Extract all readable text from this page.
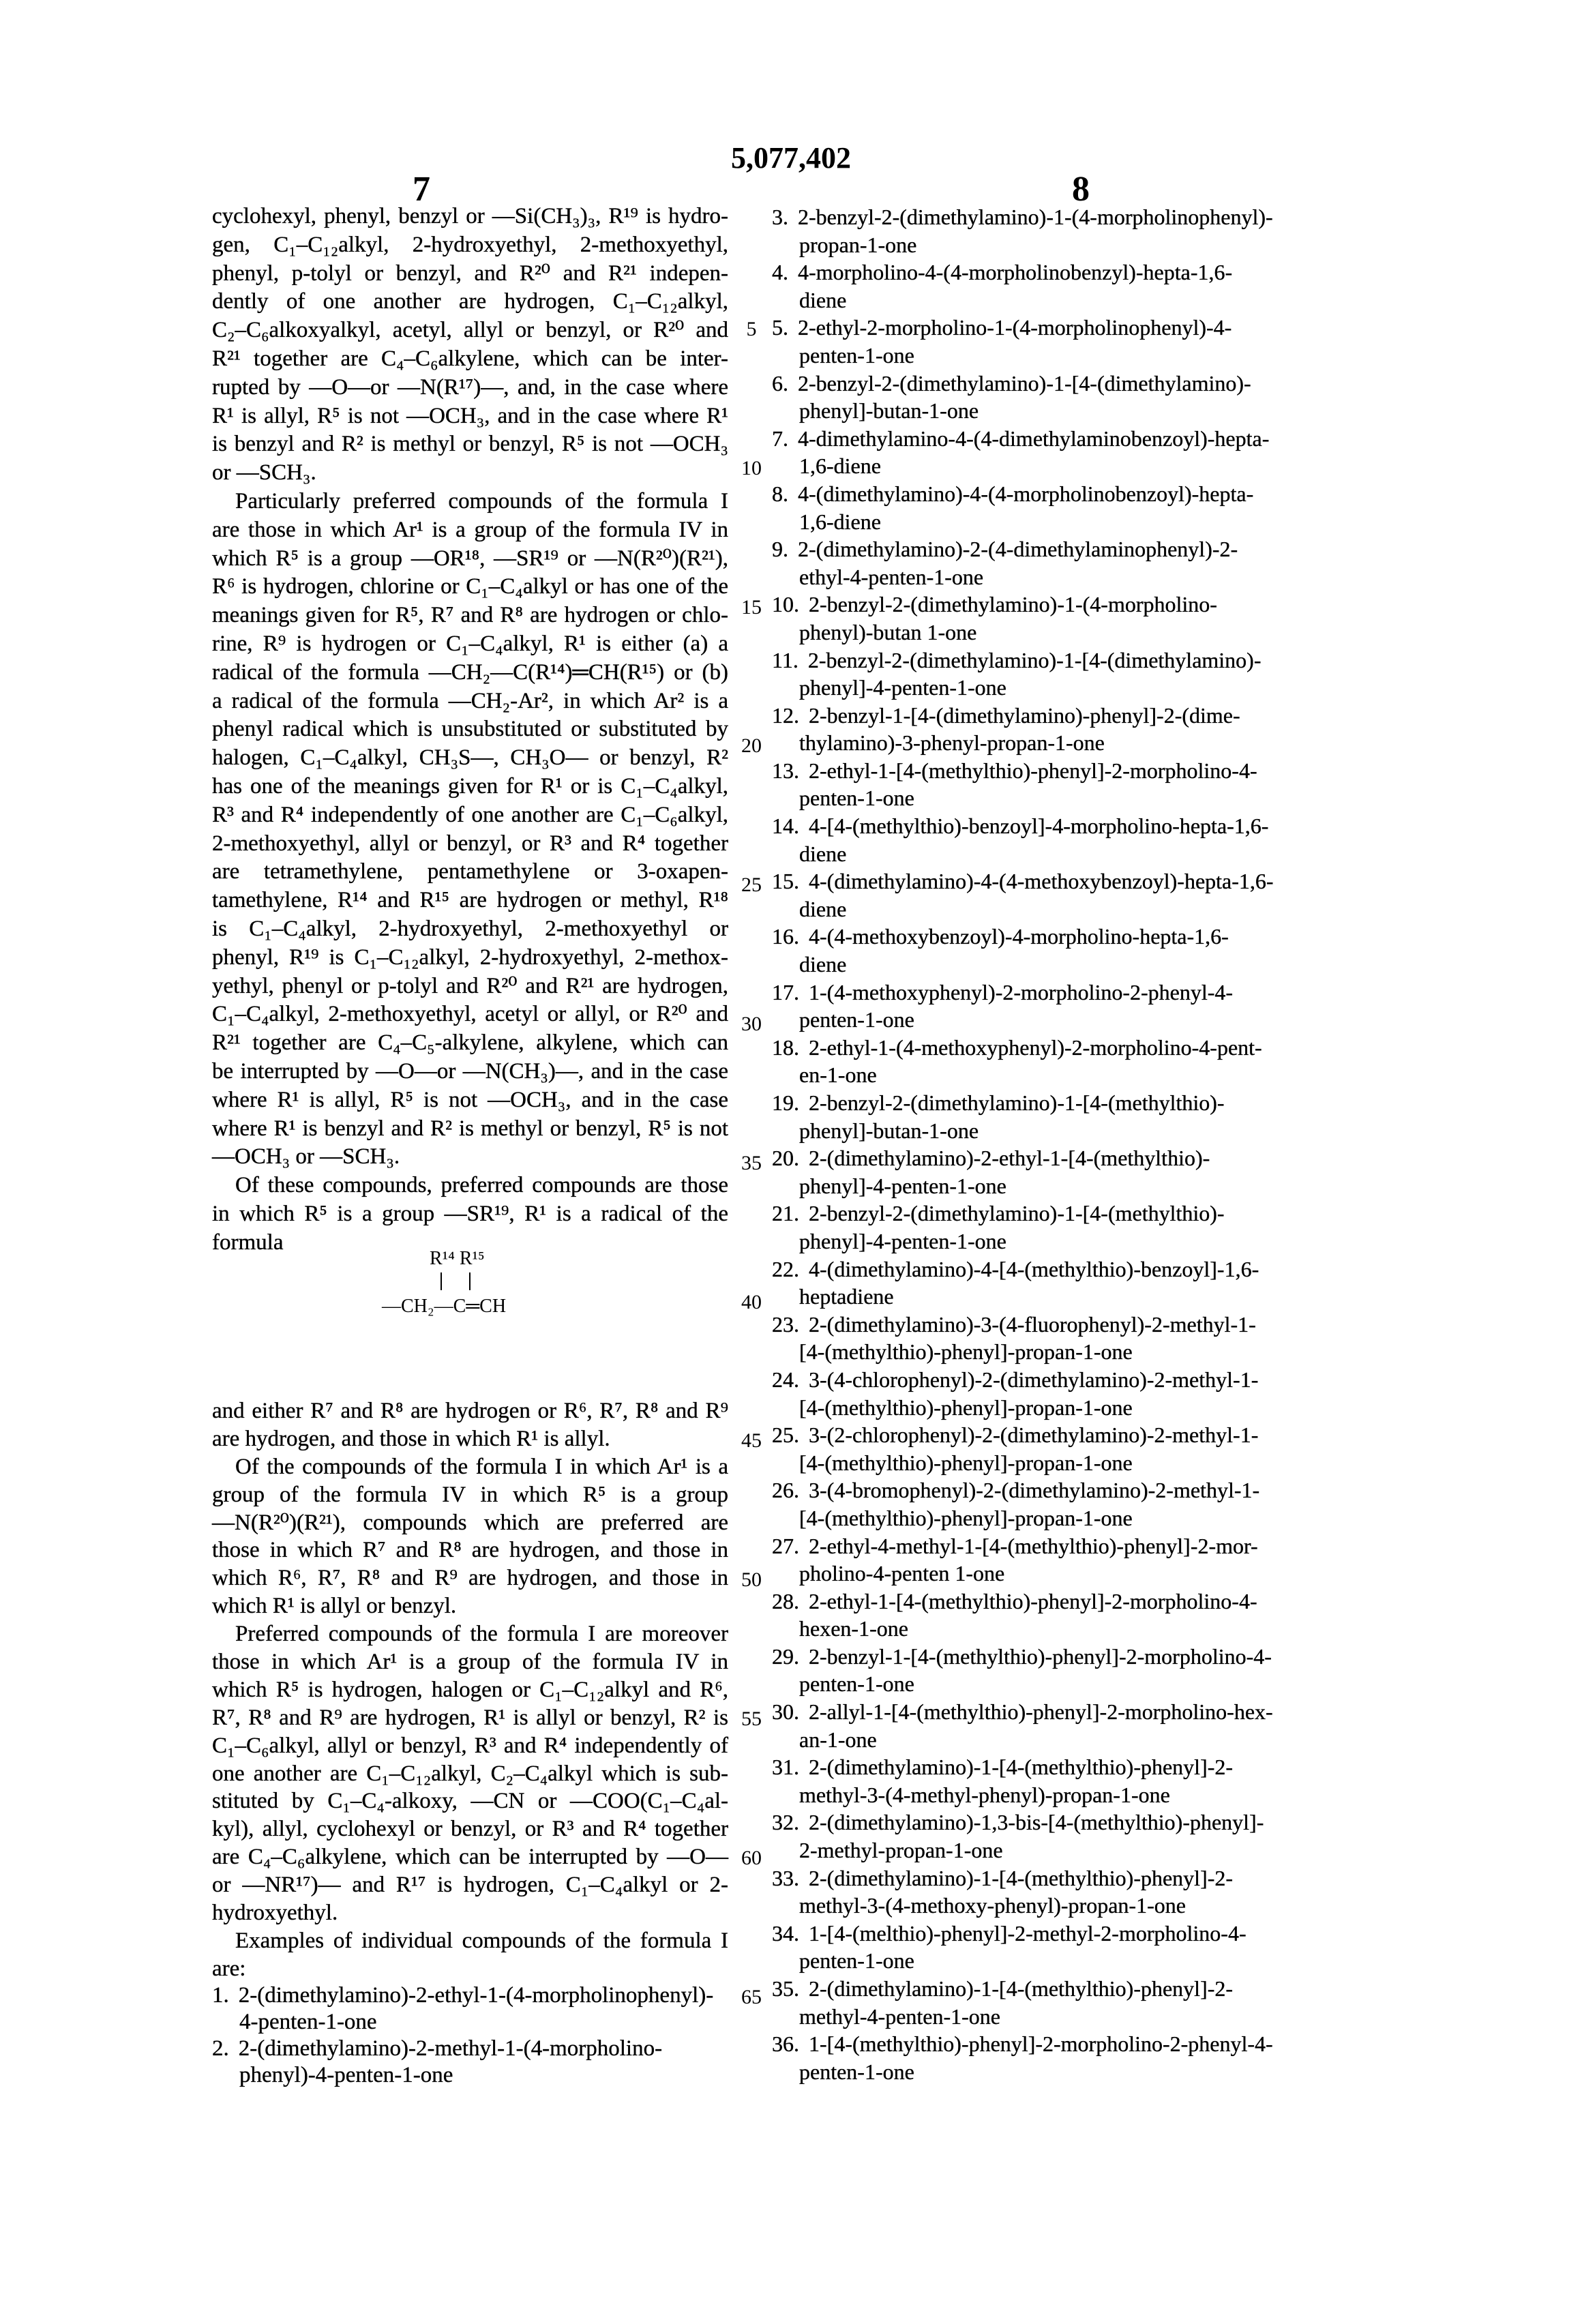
5,077,402
7	8
cyclohexyl, phenyl, benzyl or —Si(CH₃)₃, R¹⁹ is hydro-
gen, C₁–C₁₂alkyl, 2-hydroxyethyl, 2-methoxyethyl,
phenyl, p-tolyl or benzyl, and R²⁰ and R²¹ indepen-
dently of one another are hydrogen, C₁–C₁₂alkyl,
C₂–C₆alkoxyalkyl, acetyl, allyl or benzyl, or R²⁰ and
R²¹ together are C₄–C₆alkylene, which can be inter-
rupted by —O—or —N(R¹⁷)—, and, in the case where
R¹ is allyl, R⁵ is not —OCH₃, and in the case where R¹
is benzyl and R² is methyl or benzyl, R⁵ is not —OCH₃
or —SCH₃.
Particularly preferred compounds of the formula I
are those in which Ar¹ is a group of the formula IV in
which R⁵ is a group —OR¹⁸, —SR¹⁹ or —N(R²⁰)(R²¹),
R⁶ is hydrogen, chlorine or C₁–C₄alkyl or has one of the
meanings given for R⁵, R⁷ and R⁸ are hydrogen or chlo-
rine, R⁹ is hydrogen or C₁–C₄alkyl, R¹ is either (a) a
radical of the formula —CH₂—C(R¹⁴)═CH(R¹⁵) or (b)
a radical of the formula —CH₂-Ar², in which Ar² is a
phenyl radical which is unsubstituted or substituted by
halogen, C₁–C₄alkyl, CH₃S—, CH₃O— or benzyl, R²
has one of the meanings given for R¹ or is C₁–C₄alkyl,
R³ and R⁴ independently of one another are C₁–C₆alkyl,
2-methoxyethyl, allyl or benzyl, or R³ and R⁴ together
are tetramethylene, pentamethylene or 3-oxapen-
tamethylene, R¹⁴ and R¹⁵ are hydrogen or methyl, R¹⁸
is C₁–C₄alkyl, 2-hydroxyethyl, 2-methoxyethyl or
phenyl, R¹⁹ is C₁–C₁₂alkyl, 2-hydroxyethyl, 2-methox-
yethyl, phenyl or p-tolyl and R²⁰ and R²¹ are hydrogen,
C₁–C₄alkyl, 2-methoxyethyl, acetyl or allyl, or R²⁰ and
R²¹ together are C₄–C₅-alkylene, alkylene, which can
be interrupted by —O—or —N(CH₃)—, and in the case
where R¹ is allyl, R⁵ is not —OCH₃, and in the case
where R¹ is benzyl and R² is methyl or benzyl, R⁵ is not
—OCH₃ or —SCH₃.
Of these compounds, preferred compounds are those
in which R⁵ is a group —SR¹⁹, R¹ is a radical of the
formula
R¹⁴ R¹⁵
—CH₂—C═CH
and either R⁷ and R⁸ are hydrogen or R⁶, R⁷, R⁸ and R⁹
are hydrogen, and those in which R¹ is allyl.
Of the compounds of the formula I in which Ar¹ is a
group of the formula IV in which R⁵ is a group
—N(R²⁰)(R²¹), compounds which are preferred are
those in which R⁷ and R⁸ are hydrogen, and those in
which R⁶, R⁷, R⁸ and R⁹ are hydrogen, and those in
which R¹ is allyl or benzyl.
Preferred compounds of the formula I are moreover
those in which Ar¹ is a group of the formula IV in
which R⁵ is hydrogen, halogen or C₁–C₁₂alkyl and R⁶,
R⁷, R⁸ and R⁹ are hydrogen, R¹ is allyl or benzyl, R² is
C₁–C₆alkyl, allyl or benzyl, R³ and R⁴ independently of
one another are C₁–C₁₂alkyl, C₂–C₄alkyl which is sub-
stituted by C₁–C₄-alkoxy, —CN or —COO(C₁–C₄al-
kyl), allyl, cyclohexyl or benzyl, or R³ and R⁴ together
are C₄–C₆alkylene, which can be interrupted by —O—
or —NR¹⁷)— and R¹⁷ is hydrogen, C₁–C₄alkyl or 2-
hydroxyethyl.
Examples of individual compounds of the formula I
are:
1. 2-(dimethylamino)-2-ethyl-1-(4-morpholinophenyl)-
4-penten-1-one
2. 2-(dimethylamino)-2-methyl-1-(4-morpholino-
phenyl)-4-penten-1-one
3. 2-benzyl-2-(dimethylamino)-1-(4-morpholinophenyl)-
propan-1-one
4. 4-morpholino-4-(4-morpholinobenzyl)-hepta-1,6-
diene
5. 2-ethyl-2-morpholino-1-(4-morpholinophenyl)-4-
penten-1-one
6. 2-benzyl-2-(dimethylamino)-1-[4-(dimethylamino)-
phenyl]-butan-1-one
7. 4-dimethylamino-4-(4-dimethylaminobenzoyl)-hepta-
1,6-diene
8. 4-(dimethylamino)-4-(4-morpholinobenzoyl)-hepta-
1,6-diene
9. 2-(dimethylamino)-2-(4-dimethylaminophenyl)-2-
ethyl-4-penten-1-one
10. 2-benzyl-2-(dimethylamino)-1-(4-morpholino-
phenyl)-butan 1-one
11. 2-benzyl-2-(dimethylamino)-1-[4-(dimethylamino)-
phenyl]-4-penten-1-one
12. 2-benzyl-1-[4-(dimethylamino)-phenyl]-2-(dime-
thylamino)-3-phenyl-propan-1-one
13. 2-ethyl-1-[4-(methylthio)-phenyl]-2-morpholino-4-
penten-1-one
14. 4-[4-(methylthio)-benzoyl]-4-morpholino-hepta-1,6-
diene
15. 4-(dimethylamino)-4-(4-methoxybenzoyl)-hepta-1,6-
diene
16. 4-(4-methoxybenzoyl)-4-morpholino-hepta-1,6-
diene
17. 1-(4-methoxyphenyl)-2-morpholino-2-phenyl-4-
penten-1-one
18. 2-ethyl-1-(4-methoxyphenyl)-2-morpholino-4-pent-
en-1-one
19. 2-benzyl-2-(dimethylamino)-1-[4-(methylthio)-
phenyl]-butan-1-one
20. 2-(dimethylamino)-2-ethyl-1-[4-(methylthio)-
phenyl]-4-penten-1-one
21. 2-benzyl-2-(dimethylamino)-1-[4-(methylthio)-
phenyl]-4-penten-1-one
22. 4-(dimethylamino)-4-[4-(methylthio)-benzoyl]-1,6-
heptadiene
23. 2-(dimethylamino)-3-(4-fluorophenyl)-2-methyl-1-
[4-(methylthio)-phenyl]-propan-1-one
24. 3-(4-chlorophenyl)-2-(dimethylamino)-2-methyl-1-
[4-(methylthio)-phenyl]-propan-1-one
25. 3-(2-chlorophenyl)-2-(dimethylamino)-2-methyl-1-
[4-(methylthio)-phenyl]-propan-1-one
26. 3-(4-bromophenyl)-2-(dimethylamino)-2-methyl-1-
[4-(methylthio)-phenyl]-propan-1-one
27. 2-ethyl-4-methyl-1-[4-(methylthio)-phenyl]-2-mor-
pholino-4-penten 1-one
28. 2-ethyl-1-[4-(methylthio)-phenyl]-2-morpholino-4-
hexen-1-one
29. 2-benzyl-1-[4-(methylthio)-phenyl]-2-morpholino-4-
penten-1-one
30. 2-allyl-1-[4-(methylthio)-phenyl]-2-morpholino-hex-
an-1-one
31. 2-(dimethylamino)-1-[4-(methylthio)-phenyl]-2-
methyl-3-(4-methyl-phenyl)-propan-1-one
32. 2-(dimethylamino)-1,3-bis-[4-(methylthio)-phenyl]-
2-methyl-propan-1-one
33. 2-(dimethylamino)-1-[4-(methylthio)-phenyl]-2-
methyl-3-(4-methoxy-phenyl)-propan-1-one
34. 1-[4-(melthio)-phenyl]-2-methyl-2-morpholino-4-
penten-1-one
35. 2-(dimethylamino)-1-[4-(methylthio)-phenyl]-2-
methyl-4-penten-1-one
36. 1-[4-(methylthio)-phenyl]-2-morpholino-2-phenyl-4-
penten-1-one
5
10
15
20
25
30
35
40
45
50
55
60
65
